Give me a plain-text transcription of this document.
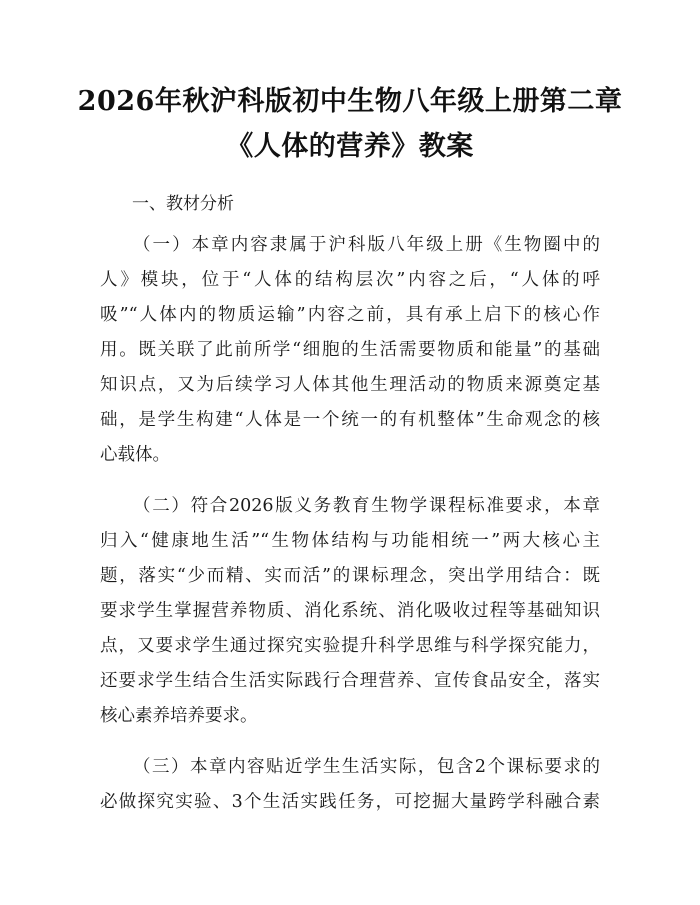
2026年秋沪科版初中生物八年级上册第二章
《人体的营养》教案
一、教材分析
（一）本章内容隶属于沪科版八年级上册《生物圈中的
人》模块，位于“人体的结构层次”内容之后，“人体的呼
吸”“人体内的物质运输”内容之前，具有承上启下的核心作
用。既关联了此前所学“细胞的生活需要物质和能量”的基础
知识点，又为后续学习人体其他生理活动的物质来源奠定基
础，是学生构建“人体是一个统一的有机整体”生命观念的核
心载体。
（二）符合2026版义务教育生物学课程标准要求，本章
归入“健康地生活”“生物体结构与功能相统一”两大核心主
题，落实“少而精、实而活”的课标理念，突出学用结合：既
要求学生掌握营养物质、消化系统、消化吸收过程等基础知识
点，又要求学生通过探究实验提升科学思维与科学探究能力，
还要求学生结合生活实际践行合理营养、宣传食品安全，落实
核心素养培养要求。
（三）本章内容贴近学生生活实际，包含2个课标要求的
必做探究实验、3个生活实践任务，可挖掘大量跨学科融合素
